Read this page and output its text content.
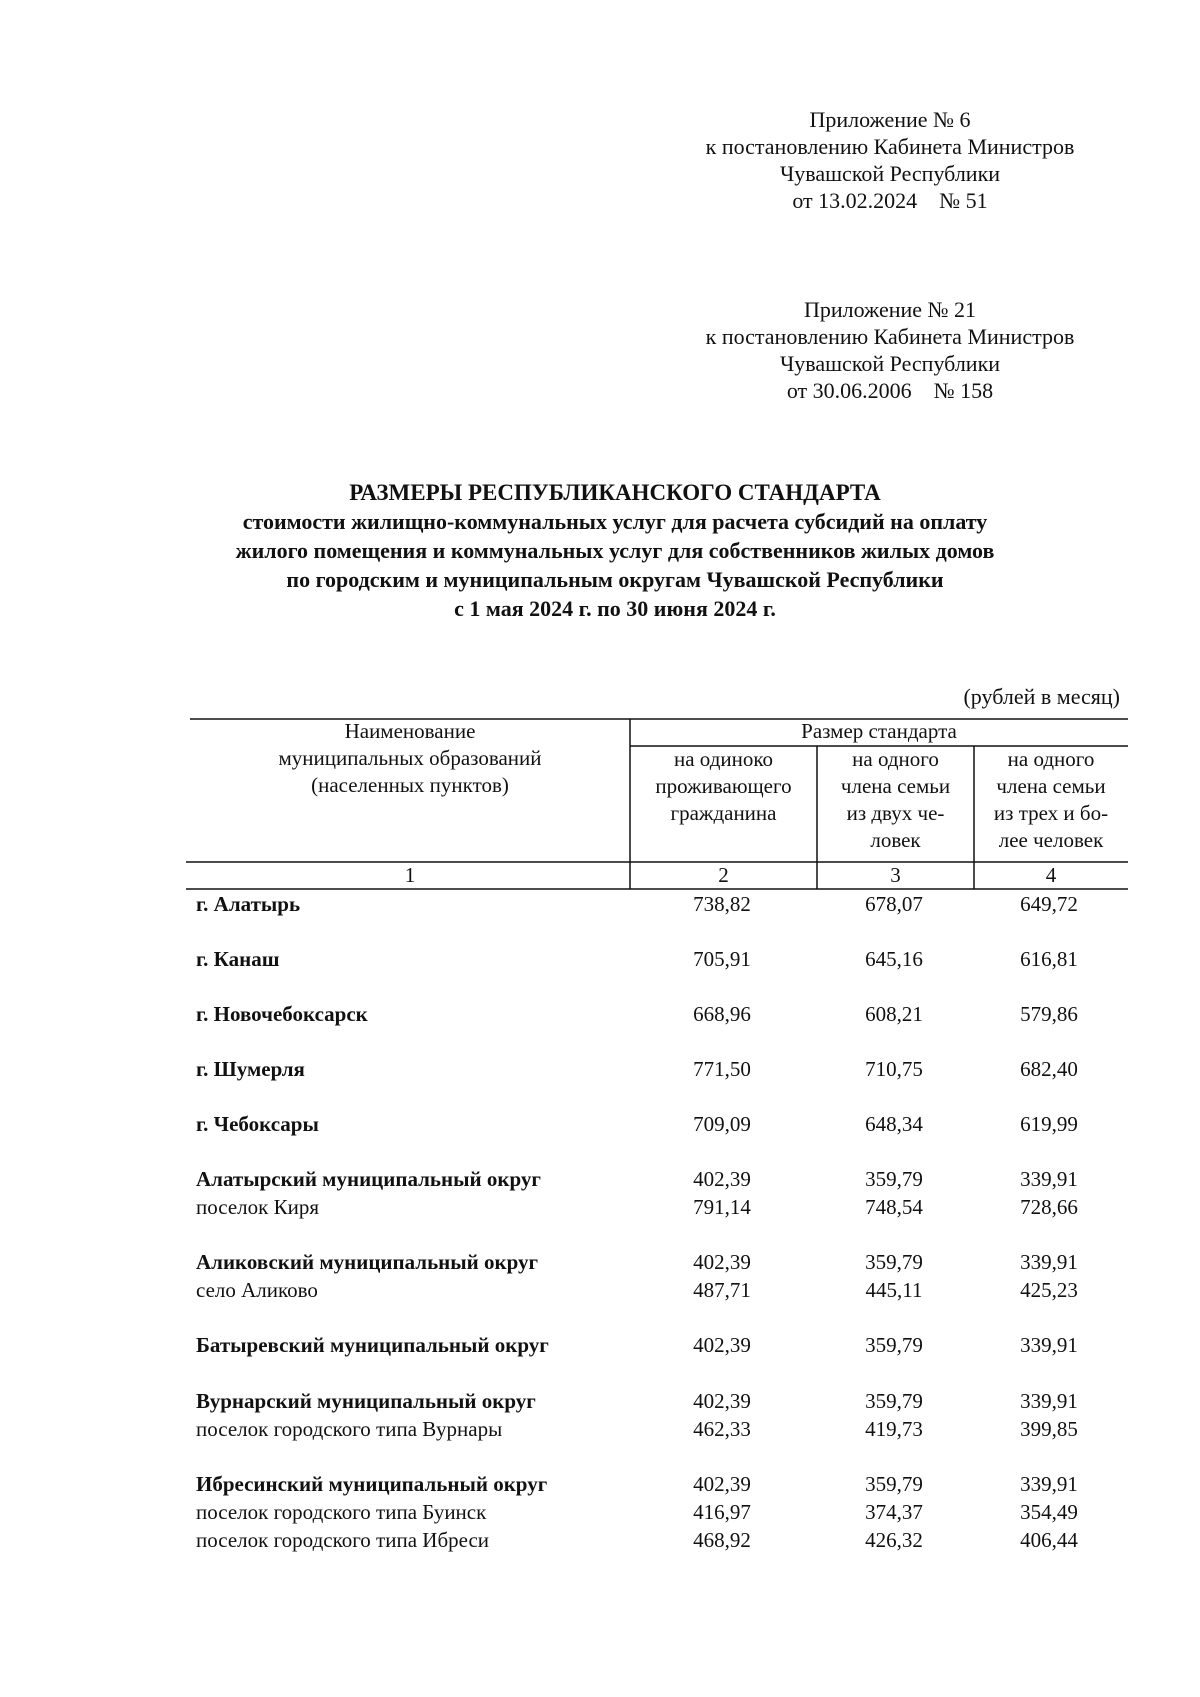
Приложение № 6
к постановлению Кабинета Министров
Чувашской Республики
от 13.02.2024    № 51
Приложение № 21
к постановлению Кабинета Министров
Чувашской Республики
от 30.06.2006    № 158
РАЗМЕРЫ РЕСПУБЛИКАНСКОГО СТАНДАРТА
стоимости жилищно-коммунальных услуг для расчета субсидий на оплату
жилого помещения и коммунальных услуг для собственников жилых домов
по городским и муниципальным округам Чувашской Республики
с 1 мая 2024 г. по 30 июня 2024 г.
(рублей в месяц)
Наименование
муниципальных образований
(населенных пунктов)
Размер стандарта
на одиноко
проживающего
гражданина
на одного
члена семьи
из двух че-
ловек
на одного
члена семьи
из трех и бо-
лее человек
1	2	3	4
г. Алатырь	738,82	678,07	649,72
г. Канаш	705,91	645,16	616,81
г. Новочебоксарск	668,96	608,21	579,86
г. Шумерля	771,50	710,75	682,40
г. Чебоксары	709,09	648,34	619,99
Алатырский муниципальный округ	402,39	359,79	339,91
поселок Киря	791,14	748,54	728,66
Аликовский муниципальный округ	402,39	359,79	339,91
село Аликово	487,71	445,11	425,23
Батыревский муниципальный округ	402,39	359,79	339,91
Вурнарский муниципальный округ	402,39	359,79	339,91
поселок городского типа Вурнары	462,33	419,73	399,85
Ибресинский муниципальный округ	402,39	359,79	339,91
поселок городского типа Буинск	416,97	374,37	354,49
поселок городского типа Ибреси	468,92	426,32	406,44
